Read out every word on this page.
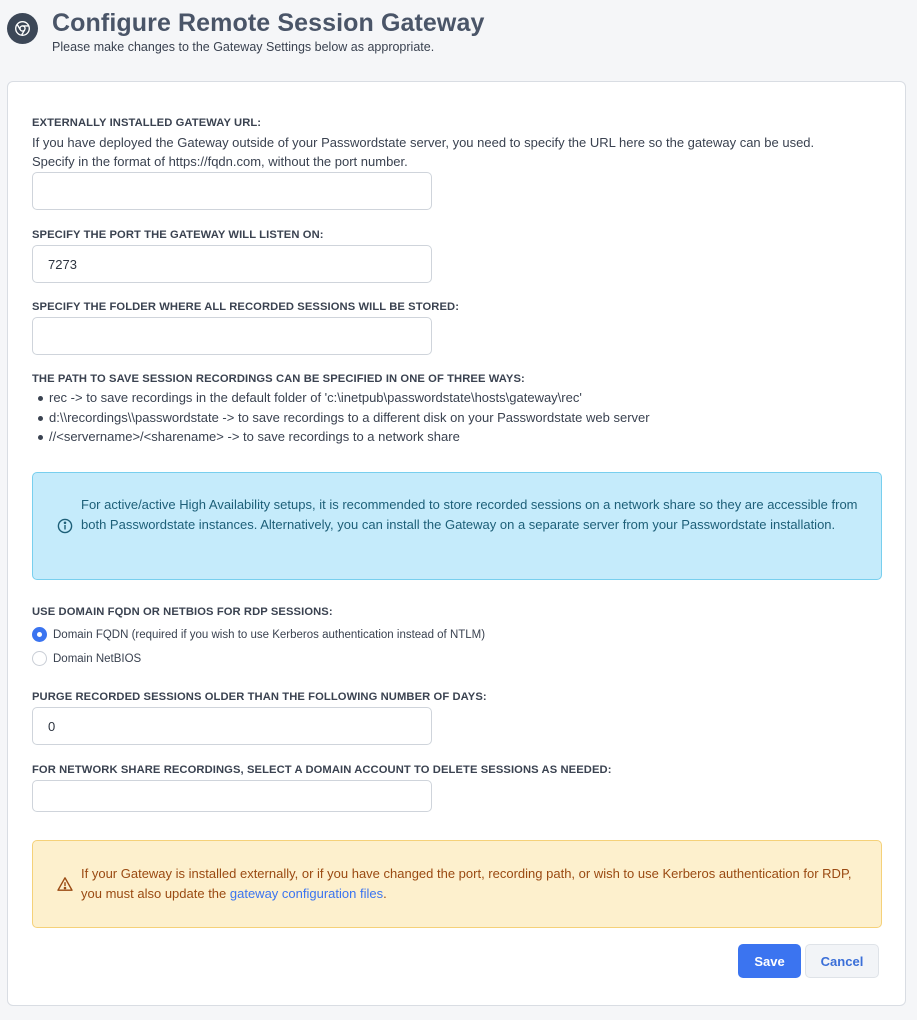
Configure Remote Session Gateway
Please make changes to the Gateway Settings below as appropriate.
EXTERNALLY INSTALLED GATEWAY URL:
If you have deployed the Gateway outside of your Passwordstate server, you need to specify the URL here so the gateway can be used.
Specify in the format of https://fqdn.com, without the port number.
SPECIFY THE PORT THE GATEWAY WILL LISTEN ON:
7273
SPECIFY THE FOLDER WHERE ALL RECORDED SESSIONS WILL BE STORED:
THE PATH TO SAVE SESSION RECORDINGS CAN BE SPECIFIED IN ONE OF THREE WAYS:
rec -> to save recordings in the default folder of 'c:\inetpub\passwordstate\hosts\gateway\rec'
d:\\recordings\\passwordstate -> to save recordings to a different disk on your Passwordstate web server
//<servername>/<sharename> -> to save recordings to a network share
For active/active High Availability setups, it is recommended to store recorded sessions on a network share so they are accessible from both Passwordstate instances. Alternatively, you can install the Gateway on a separate server from your Passwordstate installation.
USE DOMAIN FQDN OR NETBIOS FOR RDP SESSIONS:
Domain FQDN (required if you wish to use Kerberos authentication instead of NTLM)
Domain NetBIOS
PURGE RECORDED SESSIONS OLDER THAN THE FOLLOWING NUMBER OF DAYS:
0
FOR NETWORK SHARE RECORDINGS, SELECT A DOMAIN ACCOUNT TO DELETE SESSIONS AS NEEDED:
If your Gateway is installed externally, or if you have changed the port, recording path, or wish to use Kerberos authentication for RDP, you must also update the gateway configuration files.
Save	Cancel
